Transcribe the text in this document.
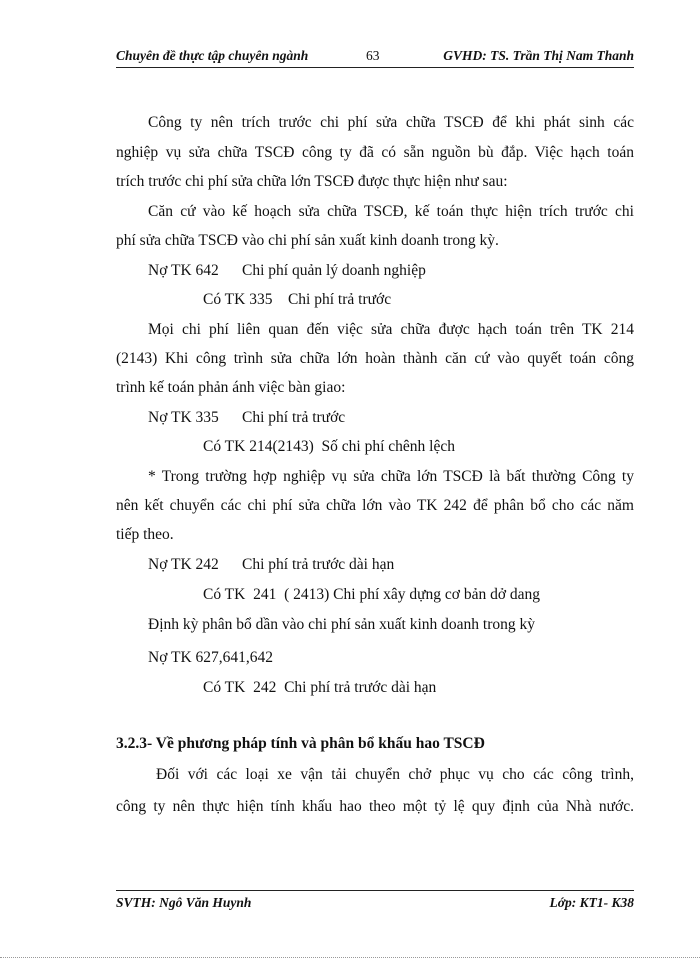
Chuyên đề thực tập chuyên ngành	63	GVHD: TS. Trần Thị Nam Thanh
Công ty nên trích trước chi phí sửa chữa TSCĐ để khi phát sinh các
nghiệp vụ sửa chữa TSCĐ công ty đã có sẵn nguồn bù đắp. Việc hạch toán
trích trước chi phí sửa chữa lớn TSCĐ được thực hiện như sau:
Căn cứ vào kế hoạch sửa chữa TSCĐ, kế toán thực hiện trích trước chi
phí sửa chữa TSCĐ vào chi phí sản xuất kinh doanh trong kỳ.
Nợ TK 642      Chi phí quản lý doanh nghiệp
Có TK 335    Chi phí trả trước
Mọi chi phí liên quan đến việc sửa chữa được hạch toán trên TK 214
(2143) Khi công trình sửa chữa lớn hoàn thành căn cứ vào quyết toán công
trình kế toán phản ánh việc bàn giao:
Nợ TK 335      Chi phí trả trước
Có TK 214(2143)  Số chi phí chênh lệch
* Trong trường hợp nghiệp vụ sửa chữa lớn TSCĐ là bất thường Công ty
nên kết chuyển các chi phí sửa chữa lớn vào TK 242 để phân bổ cho các năm
tiếp theo.
Nợ TK 242      Chi phí trả trước dài hạn
Có TK  241  ( 2413) Chi phí xây dựng cơ bản dở dang
Định kỳ phân bổ dần vào chi phí sản xuất kinh doanh trong kỳ
Nợ TK 627,641,642
Có TK  242  Chi phí trả trước dài hạn
3.2.3- Về phương pháp tính và phân bổ khấu hao TSCĐ
Đối với các loại xe vận tải chuyển chở phục vụ cho các công trình,
công ty nên thực hiện tính khấu hao theo một tỷ lệ quy định của Nhà nước.
SVTH: Ngô Văn Huynh	Lớp: KT1- K38
